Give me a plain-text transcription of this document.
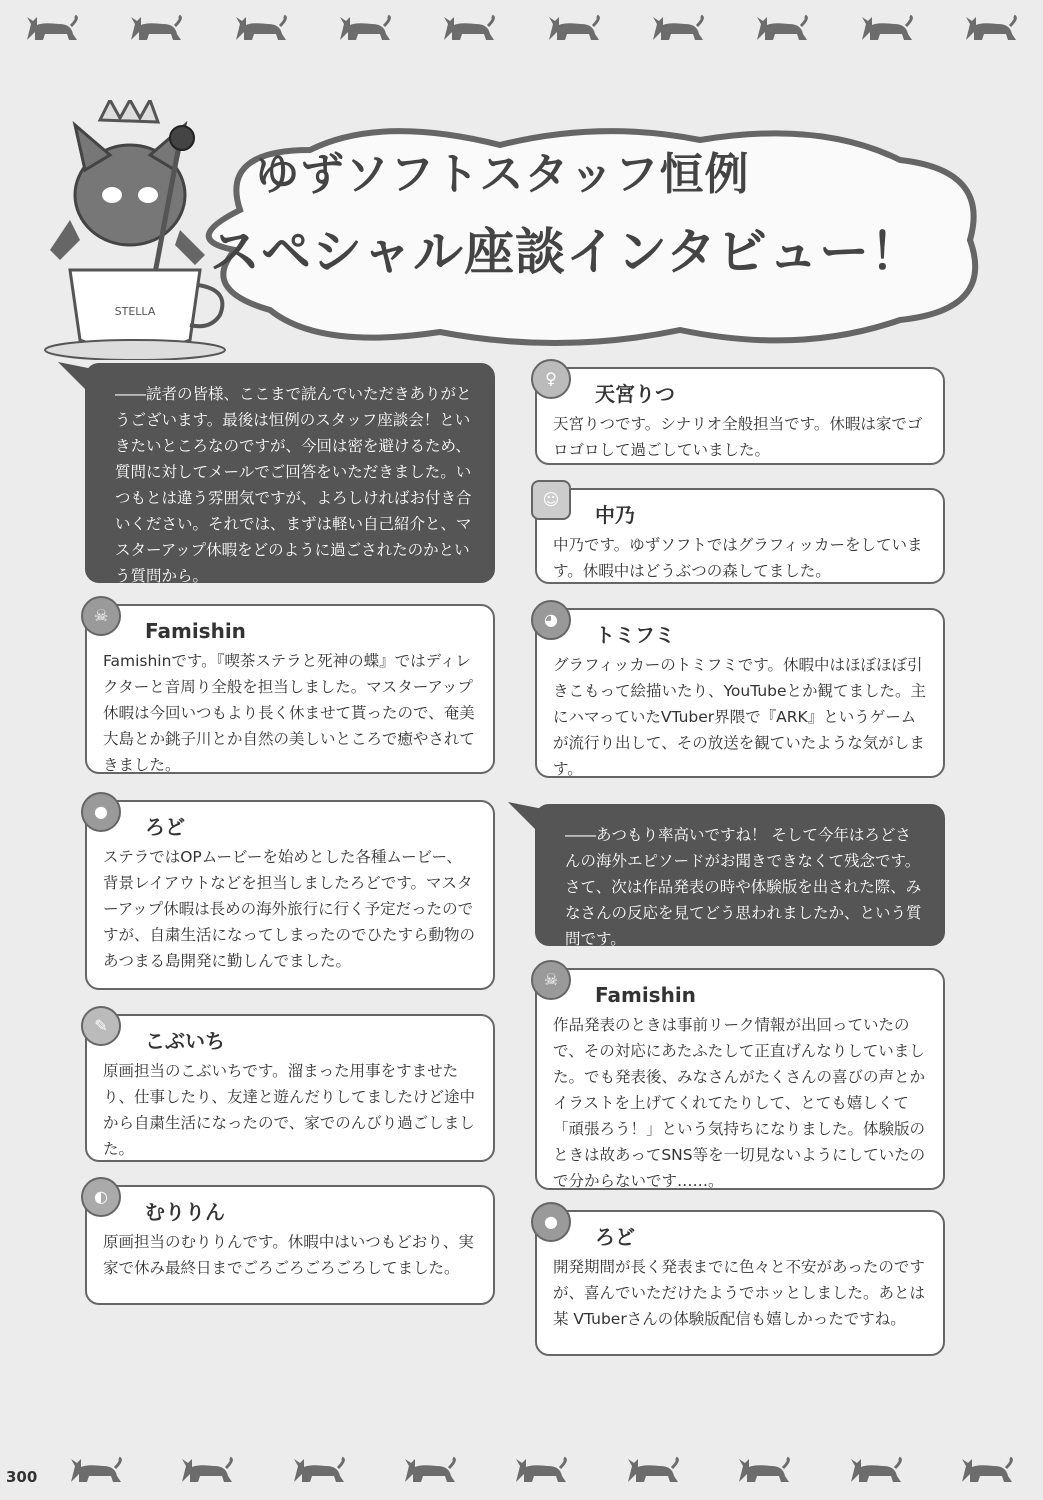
STELLA
ゆずソフトスタッフ恒例
スペシャル座談インタビュー！
――読者の皆様、ここまで読んでいただきありがとうございます。最後は恒例のスタッフ座談会！といきたいところなのですが、今回は密を避けるため、質問に対してメールでご回答をいただきました。いつもとは違う雰囲気ですが、よろしければお付き合いください。それでは、まずは軽い自己紹介と、マスターアップ休暇をどのように過ごされたのかという質問から。
☠
Famishin
Famishinです。『喫茶ステラと死神の蝶』ではディレクターと音周り全般を担当しました。マスターアップ休暇は今回いつもより長く休ませて貰ったので、奄美大島とか銚子川とか自然の美しいところで癒やされてきました。
●
ろど
ステラではOPムービーを始めとした各種ムービー、背景レイアウトなどを担当しましたろどです。マスターアップ休暇は長めの海外旅行に行く予定だったのですが、自粛生活になってしまったのでひたすら動物のあつまる島開発に勤しんでました。
✎
こぶいち
原画担当のこぶいちです。溜まった用事をすませたり、仕事したり、友達と遊んだりしてましたけど途中から自粛生活になったので、家でのんびり過ごしました。
◐
むりりん
原画担当のむりりんです。休暇中はいつもどおり、実家で休み最終日までごろごろごろごろしてました。
♀
天宮りつ
天宮りつです。シナリオ全般担当です。休暇は家でゴロゴロして過ごしていました。
☺
中乃
中乃です。ゆずソフトではグラフィッカーをしています。休暇中はどうぶつの森してました。
◕
トミフミ
グラフィッカーのトミフミです。休暇中はほぼほぼ引きこもって絵描いたり、YouTubeとか観てました。主にハマっていたVTuber界隈で『ARK』というゲームが流行り出して、その放送を観ていたような気がします。
――あつもり率高いですね！ そして今年はろどさんの海外エピソードがお聞きできなくて残念です。さて、次は作品発表の時や体験版を出された際、みなさんの反応を見てどう思われましたか、という質問です。
☠
Famishin
作品発表のときは事前リーク情報が出回っていたので、その対応にあたふたして正直げんなりしていました。でも発表後、みなさんがたくさんの喜びの声とかイラストを上げてくれてたりして、とても嬉しくて「頑張ろう！」という気持ちになりました。体験版のときは故あってSNS等を一切見ないようにしていたので分からないです……。
●
ろど
開発期間が長く発表までに色々と不安があったのですが、喜んでいただけたようでホッとしました。あとは某 VTuberさんの体験版配信も嬉しかったですね。
300
